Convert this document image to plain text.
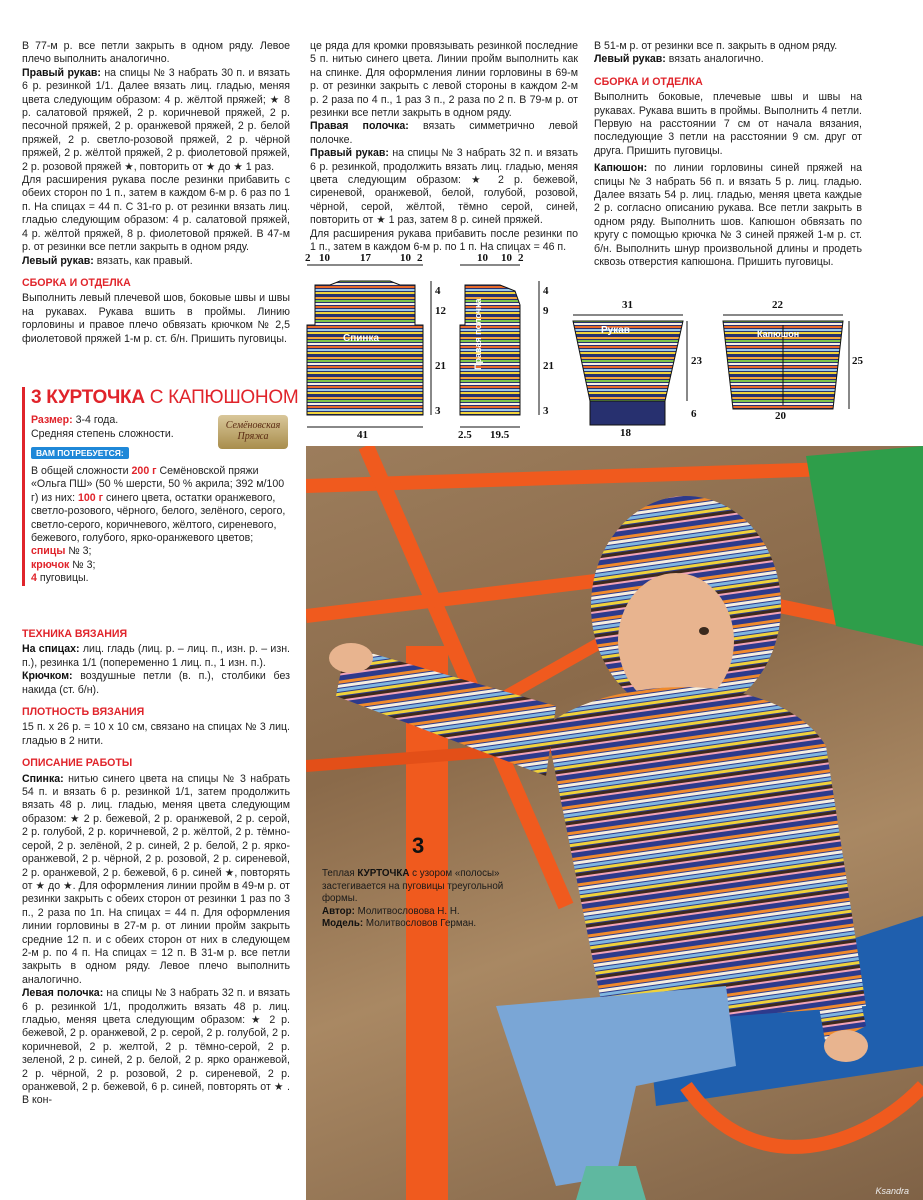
В 77-м р. все петли закрыть в одном ряду. Левое плечо выполнить аналогично.

Правый рукав: на спицы № 3 набрать 30 п. и вязать 6 р. резинкой 1/1. Далее вязать лиц. гладью, меняя цвета следующим образом: 4 р. жёлтой пряжей; ★ 8 р. салатовой пряжей, 2 р. коричневой пряжей, 2 р. песочной пряжей, 2 р. оранжевой пряжей, 2 р. белой пряжей, 2 р. светло-розовой пряжей, 2 р. чёрной пряжей, 2 р. жёлтой пряжей, 2 р. фиолетовой пряжей, 2 р. розовой пряжей ★, повторить от ★ до ★ 1 раз.

Для расширения рукава после резинки прибавить с обеих сторон по 1 п., затем в каждом 6-м р. 6 раз по 1 п. На спицах = 44 п. С 31-го р. от резинки вязать лиц. гладью следующим образом: 4 р. салатовой пряжей, 4 р. жёлтой пряжей, 8 р. фиолетовой пряжей. В 47-м р. от резинки все петли закрыть в одном ряду.

Левый рукав: вязать, как правый.

СБОРКА И ОТДЕЛКА

Выполнить левый плечевой шов, боковые швы и швы на рукавах. Рукава вшить в проймы. Линию горловины и правое плечо обвязать крючком № 2,5 фиолетовой пряжей 1-м р. ст. б/н. Пришить пуговицы.

3 КУРТОЧКА С КАПЮШОНОМ
Размер: 3-4 года.
Средняя степень сложности.
Семёновская Пряжа
ВАМ ПОТРЕБУЕТСЯ:
В общей сложности 200 г Семёновской пряжи «Ольга ПШ» (50 % шерсти, 50 % акрила; 392 м/100 г) из них: 100 г синего цвета, остатки оранжевого, светло-розового, чёрного, белого, зелёного, серого, светло-серого, коричневого, жёлтого, сиреневого, бежевого, голубого, ярко-оранжевого цветов;
спицы № 3;
крючок № 3;
4 пуговицы.

ТЕХНИКА ВЯЗАНИЯ

На спицах: лиц. гладь (лиц. р. – лиц. п., изн. р. – изн. п.), резинка 1/1 (попеременно 1 лиц. п., 1 изн. п.).

Крючком: воздушные петли (в. п.), столбики без накида (ст. б/н).

ПЛОТНОСТЬ ВЯЗАНИЯ

15 п. х 26 р. = 10 х 10 см, связано на спицах № 3 лиц. гладью в 2 нити.

ОПИСАНИЕ РАБОТЫ

Спинка: нитью синего цвета на спицы № 3 набрать 54 п. и вязать 6 р. резинкой 1/1, затем продолжить вязать 48 р. лиц. гладью, меняя цвета следующим образом: ★ 2 р. бежевой, 2 р. оранжевой, 2 р. серой, 2 р. голубой, 2 р. коричневой, 2 р. жёлтой, 2 р. тёмно-серой, 2 р. зелёной, 2 р. синей, 2 р. белой, 2 р. ярко-оранжевой, 2 р. чёрной, 2 р. розовой, 2 р. сиреневой, 2 р. оранжевой, 2 р. бежевой, 6 р. синей ★, повторять от ★ до ★. Для оформления линии пройм в 49-м р. от резинки закрыть с обеих сторон от резинки 1 раз по 3 п., 2 раза по 1п. На спицах = 44 п. Для оформления линии горловины в 27-м р. от линии пройм закрыть средние 12 п. и с обеих сторон от них в следующем 2-м р. по 4 п. На спицах = 12 п. В 31-м р. все петли закрыть в одном ряду. Левое плечо выполнить аналогично.

Левая полочка: на спицы № 3 набрать 32 п. и вязать 6 р. резинкой 1/1, продолжить вязать 48 р. лиц. гладью, меняя цвета следующим образом: ★ 2 р. бежевой, 2 р. оранжевой, 2 р. серой, 2 р. голубой, 2 р. коричневой, 2 р. желтой, 2 р. тёмно-серой, 2 р. зеленой, 2 р. синей, 2 р. белой, 2 р. ярко оранжевой, 2 р. чёрной, 2 р. розовой, 2 р. сиреневой, 2 р. оранжевой, 2 р. бежевой, 6 р. синей, повторять от ★ . В кон-

це ряда для кромки провязывать резинкой последние 5 п. нитью синего цвета. Линии пройм выполнить как на спинке. Для оформления линии горловины в 69-м р. от резинки закрыть с левой стороны в каждом 2-м р. 2 раза по 4 п., 1 раз 3 п., 2 раза по 2 п. В 79-м р. от резинки все петли закрыть в одном ряду.

Правая полочка: вязать симметрично левой полочке.

Правый рукав: на спицы № 3 набрать 32 п. и вязать 6 р. резинкой, продолжить вязать лиц. гладью, меняя цвета следующим образом: ★ 2 р. бежевой, сиреневой, оранжевой, белой, голубой, розовой, чёрной, серой, жёлтой, тёмно серой, синей, повторить от ★ 1 раз, затем 8 р. синей пряжей.

Для расширения рукава прибавить после резинки по 1 п., затем в каждом 6-м р. по 1 п. На спицах = 46 п.

В 51-м р. от резинки все п. закрыть в одном ряду.

Левый рукав: вязать аналогично.

СБОРКА И ОТДЕЛКА

Выполнить боковые, плечевые швы и швы на рукавах. Рукава вшить в проймы. Выполнить 4 петли. Первую на расстоянии 7 см от начала вязания, последующие 3 петли на расстоянии 9 см. друг от друга. Пришить пуговицы.

Капюшон: по линии горловины синей пряжей на спицы № 3 набрать 56 п. и вязать 5 р. лиц. гладью. Далее вязать 54 р. лиц. гладью, меняя цвета каждые 2 р. согласно описанию рукава. Все петли закрыть в одном ряду. Выполнить шов. Капюшон обвязать по кругу с помощью крючка № 3 синей пряжей 1-м р. ст. б/н. Выполнить шнур произвольной длины и продеть сквозь отверстия капюшона. Пришить пуговицы.

2 10	17	10 2
4
12
21
3
41
Спинка
10 10 2
4
9
21
3
2.5 19.5
Правая полочка	31
Рукав
23
6
18
22
Капюшон
25
20
Ksandra
3

Теплая КУРТОЧКА с узором «полосы» застегивается на пуговицы треугольной формы.

Автор: Молитвословова Н. Н.

Модель: Молитвословов Герман.
